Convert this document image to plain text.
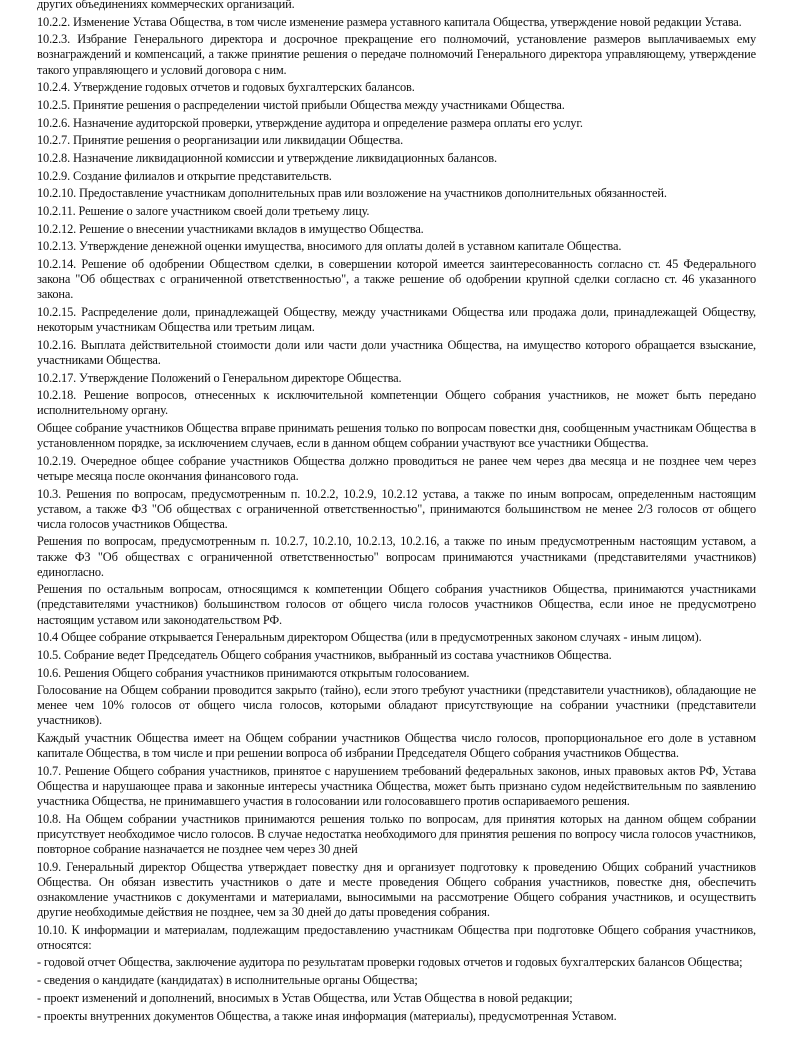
других объединениях коммерческих организаций.

10.2.2. Изменение Устава Общества, в том числе изменение размера уставного капитала Общества, утверждение новой редакции Устава.

10.2.3. Избрание Генерального директора и досрочное прекращение его полномочий, установление размеров выплачиваемых ему вознаграждений и компенсаций, а также принятие решения о передаче полномочий Генерального директора управляющему, утверждение такого управляющего и условий договора с ним.

10.2.4. Утверждение годовых отчетов и годовых бухгалтерских балансов.

10.2.5. Принятие решения о распределении чистой прибыли Общества между участниками Общества.

10.2.6. Назначение аудиторской проверки, утверждение аудитора и определение размера оплаты его услуг.

10.2.7. Принятие решения о реорганизации или ликвидации Общества.

10.2.8. Назначение ликвидационной комиссии и утверждение ликвидационных балансов.

10.2.9. Создание филиалов и открытие представительств.

10.2.10. Предоставление участникам дополнительных прав или возложение на участников дополнительных обязанностей.

10.2.11. Решение о залоге участником своей доли третьему лицу.

10.2.12. Решение о внесении участниками вкладов в имущество Общества.

10.2.13. Утверждение денежной оценки имущества, вносимого для оплаты долей в уставном капитале Общества.

10.2.14. Решение об одобрении Обществом сделки, в совершении которой имеется заинтересованность согласно ст. 45 Федерального закона "Об обществах с ограниченной ответственностью", а также решение об одобрении крупной сделки согласно ст. 46 указанного закона.

10.2.15. Распределение доли, принадлежащей Обществу, между участниками Общества или продажа доли, принадлежащей Обществу, некоторым участникам Общества или третьим лицам.

10.2.16. Выплата действительной стоимости доли или части доли участника Общества, на имущество которого обращается взыскание, участниками Общества.

10.2.17. Утверждение Положений о Генеральном директоре Общества.

10.2.18. Решение вопросов, отнесенных к исключительной компетенции Общего собрания участников, не может быть передано исполнительному органу.

Общее собрание участников Общества вправе принимать решения только по вопросам повестки дня, сообщенным участникам Общества в установленном порядке, за исключением случаев, если в данном общем собрании участвуют все участники Общества.

10.2.19. Очередное общее собрание участников Общества должно проводиться не ранее чем через два месяца и не позднее чем через четыре месяца после окончания финансового года.

10.3. Решения по вопросам, предусмотренным п. 10.2.2, 10.2.9, 10.2.12 устава, а также по иным вопросам, определенным настоящим уставом, а также ФЗ "Об обществах с ограниченной ответственностью", принимаются большинством не менее 2/3 голосов от общего числа голосов участников Общества.

Решения по вопросам, предусмотренным п. 10.2.7, 10.2.10, 10.2.13, 10.2.16, а также по иным предусмотренным настоящим уставом, а также ФЗ "Об обществах с ограниченной ответственностью" вопросам принимаются участниками (представителями участников) единогласно.

Решения по остальным вопросам, относящимся к компетенции Общего собрания участников Общества, принимаются участниками (представителями участников) большинством голосов от общего числа голосов участников Общества, если иное не предусмотрено настоящим уставом или законодательством РФ.

10.4 Общее собрание открывается Генеральным директором Общества (или в предусмотренных законом случаях - иным лицом).

10.5. Собрание ведет Председатель Общего собрания участников, выбранный из состава участников Общества.

10.6. Решения Общего собрания участников принимаются открытым голосованием.

Голосование на Общем собрании проводится закрыто (тайно), если этого требуют участники (представители участников), обладающие не менее чем 10% голосов от общего числа голосов, которыми обладают присутствующие на собрании участники (представители участников).

Каждый участник Общества имеет на Общем собрании участников Общества число голосов, пропорциональное его доле в уставном капитале Общества, в том числе и при решении вопроса об избрании Председателя Общего собрания участников Общества.

10.7. Решение Общего собрания участников, принятое с нарушением требований федеральных законов, иных правовых актов РФ, Устава Общества и нарушающее права и законные интересы участника Общества, может быть признано судом недействительным по заявлению участника Общества, не принимавшего участия в голосовании или голосовавшего против оспариваемого решения.

10.8. На Общем собрании участников принимаются решения только по вопросам, для принятия которых на данном общем собрании присутствует необходимое число голосов. В случае недостатка необходимого для принятия решения по вопросу числа голосов участников, повторное собрание назначается не позднее чем через 30 дней

10.9. Генеральный директор Общества утверждает повестку дня и организует подготовку к проведению Общих собраний участников Общества. Он обязан известить участников о дате и месте проведения Общего собрания участников, повестке дня, обеспечить ознакомление участников с документами и материалами, выносимыми на рассмотрение Общего собрания участников, и осуществить другие необходимые действия не позднее, чем за 30 дней до даты проведения собрания.

10.10. К информации и материалам, подлежащим предоставлению участникам Общества при подготовке Общего собрания участников, относятся:

- годовой отчет Общества, заключение аудитора по результатам проверки годовых отчетов и годовых бухгалтерских балансов Общества;

- сведения о кандидате (кандидатах) в исполнительные органы Общества;

- проект изменений и дополнений, вносимых в Устав Общества, или Устав Общества в новой редакции;

- проекты внутренних документов Общества, а также иная информация (материалы), предусмотренная Уставом.
